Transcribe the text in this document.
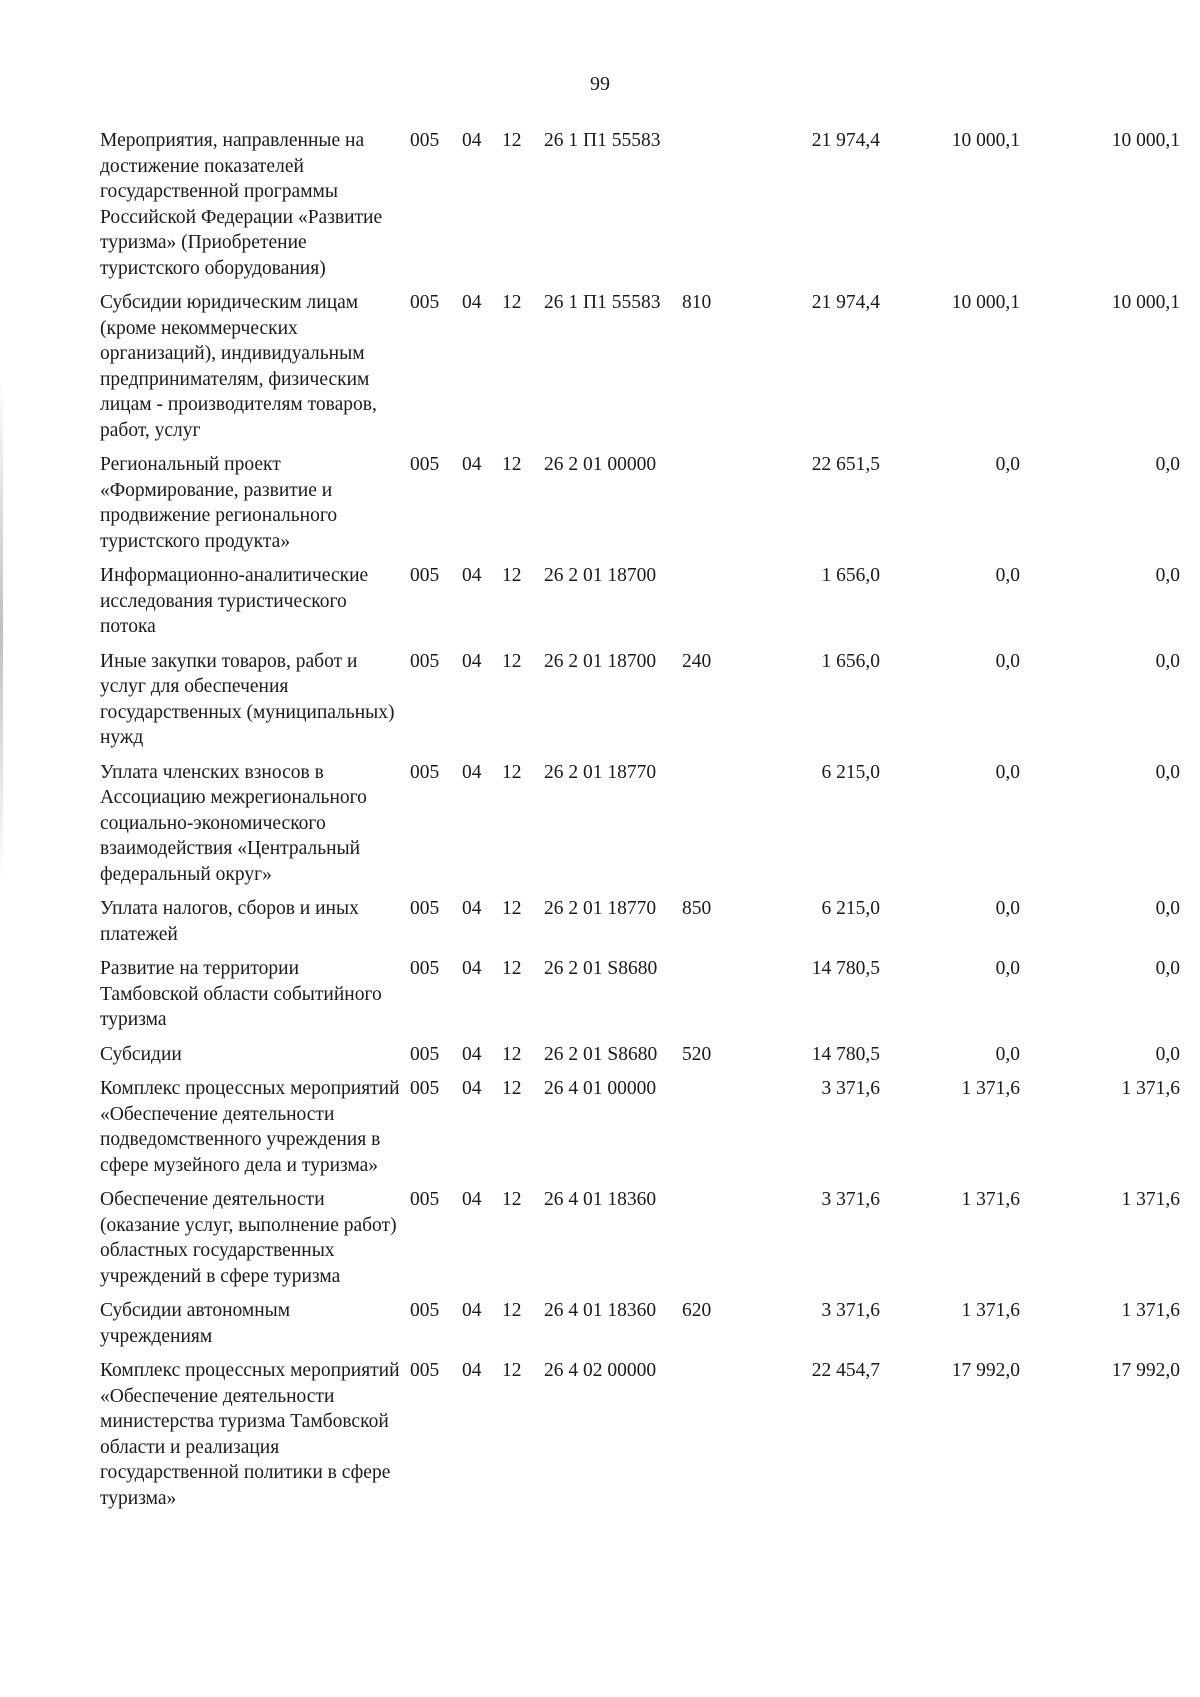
99
Мероприятия, направленные на достижение показателей государственной программы Российской Федерации «Развитие туризма» (Приобретение туристского оборудования)	005	04	12	26 1 П1 55583		21 974,4	10 000,1	10 000,1
Субсидии юридическим лицам (кроме некоммерческих организаций), индивидуальным предпринимателям, физическим лицам - производителям товаров, работ, услуг	005	04	12	26 1 П1 55583	810	21 974,4	10 000,1	10 000,1
Региональный проект «Формирование, развитие и продвижение регионального туристского продукта»	005	04	12	26 2 01 00000		22 651,5	0,0	0,0
Информационно-аналитические исследования туристического потока	005	04	12	26 2 01 18700		1 656,0	0,0	0,0
Иные закупки товаров, работ и услуг для обеспечения государственных (муниципальных) нужд	005	04	12	26 2 01 18700	240	1 656,0	0,0	0,0
Уплата членских взносов в Ассоциацию межрегионального социально-экономического взаимодействия «Центральный федеральный округ»	005	04	12	26 2 01 18770		6 215,0	0,0	0,0
Уплата налогов, сборов и иных платежей	005	04	12	26 2 01 18770	850	6 215,0	0,0	0,0
Развитие на территории Тамбовской области событийного туризма	005	04	12	26 2 01 S8680		14 780,5	0,0	0,0
Субсидии	005	04	12	26 2 01 S8680	520	14 780,5	0,0	0,0
Комплекс процессных мероприятий «Обеспечение деятельности подведомственного учреждения в сфере музейного дела и туризма»	005	04	12	26 4 01 00000		3 371,6	1 371,6	1 371,6
Обеспечение деятельности (оказание услуг, выполнение работ) областных государственных учреждений в сфере туризма	005	04	12	26 4 01 18360		3 371,6	1 371,6	1 371,6
Субсидии автономным учреждениям	005	04	12	26 4 01 18360	620	3 371,6	1 371,6	1 371,6
Комплекс процессных мероприятий «Обеспечение деятельности министерства туризма Тамбовской области и реализация государственной политики в сфере туризма»	005	04	12	26 4 02 00000		22 454,7	17 992,0	17 992,0
